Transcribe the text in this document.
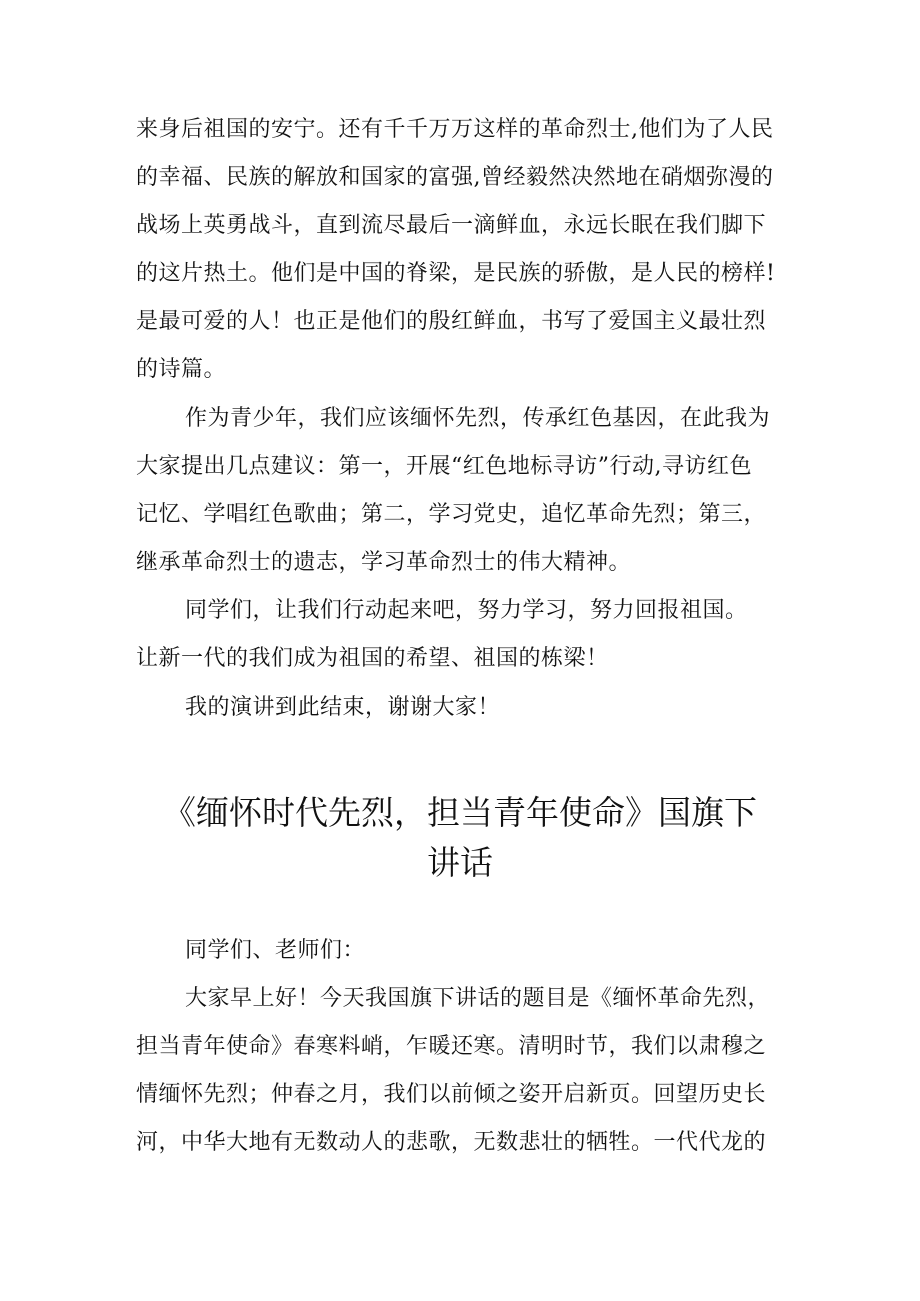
来身后祖国的安宁。还有千千万万这样的革命烈士,他们为了人民
的幸福、民族的解放和国家的富强,曾经毅然决然地在硝烟弥漫的
战场上英勇战斗，直到流尽最后一滴鲜血，永远长眠在我们脚下
的这片热土。他们是中国的脊梁，是民族的骄傲，是人民的榜样!
是最可爱的人！也正是他们的殷红鲜血，书写了爱国主义最壮烈
的诗篇。
作为青少年，我们应该缅怀先烈，传承红色基因，在此我为
大家提出几点建议：第一，开展“红色地标寻访”行动,寻访红色
记忆、学唱红色歌曲；第二，学习党史，追忆革命先烈；第三，
继承革命烈士的遗志，学习革命烈士的伟大精神。
同学们，让我们行动起来吧，努力学习，努力回报祖国。
让新一代的我们成为祖国的希望、祖国的栋梁！
我的演讲到此结束，谢谢大家！
《缅怀时代先烈，担当青年使命》国旗下
讲话
同学们、老师们：
大家早上好！今天我国旗下讲话的题目是《缅怀革命先烈，
担当青年使命》春寒料峭，乍暖还寒。清明时节，我们以肃穆之
情缅怀先烈；仲春之月，我们以前倾之姿开启新页。回望历史长
河，中华大地有无数动人的悲歌，无数悲壮的牺牲。一代代龙的
